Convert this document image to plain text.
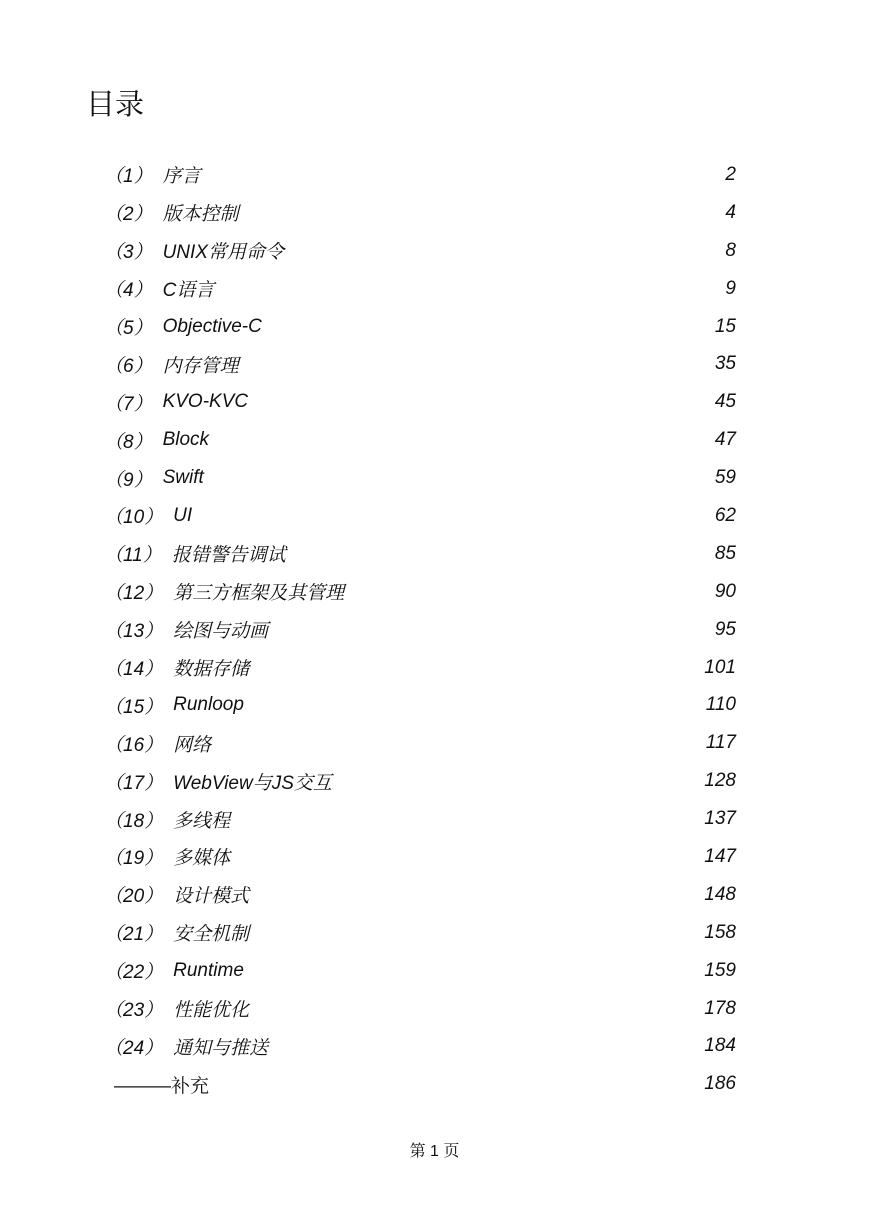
目录
（1） 序言	2
（2） 版本控制	4
（3） UNIX常用命令	8
（4） C语言	9
（5） Objective-C	15
（6） 内存管理	35
（7） KVO-KVC	45
（8） Block	47
（9） Swift	59
（10） UI	62
（11） 报错警告调试	85
（12） 第三方框架及其管理	90
（13） 绘图与动画	95
（14） 数据存储	101
（15） Runloop	110
（16） 网络	117
（17） WebView与JS交互	128
（18） 多线程	137
（19） 多媒体	147
（20） 设计模式	148
（21） 安全机制	158
（22） Runtime	159
（23） 性能优化	178
（24） 通知与推送	184
———补充	186
第 1 页
